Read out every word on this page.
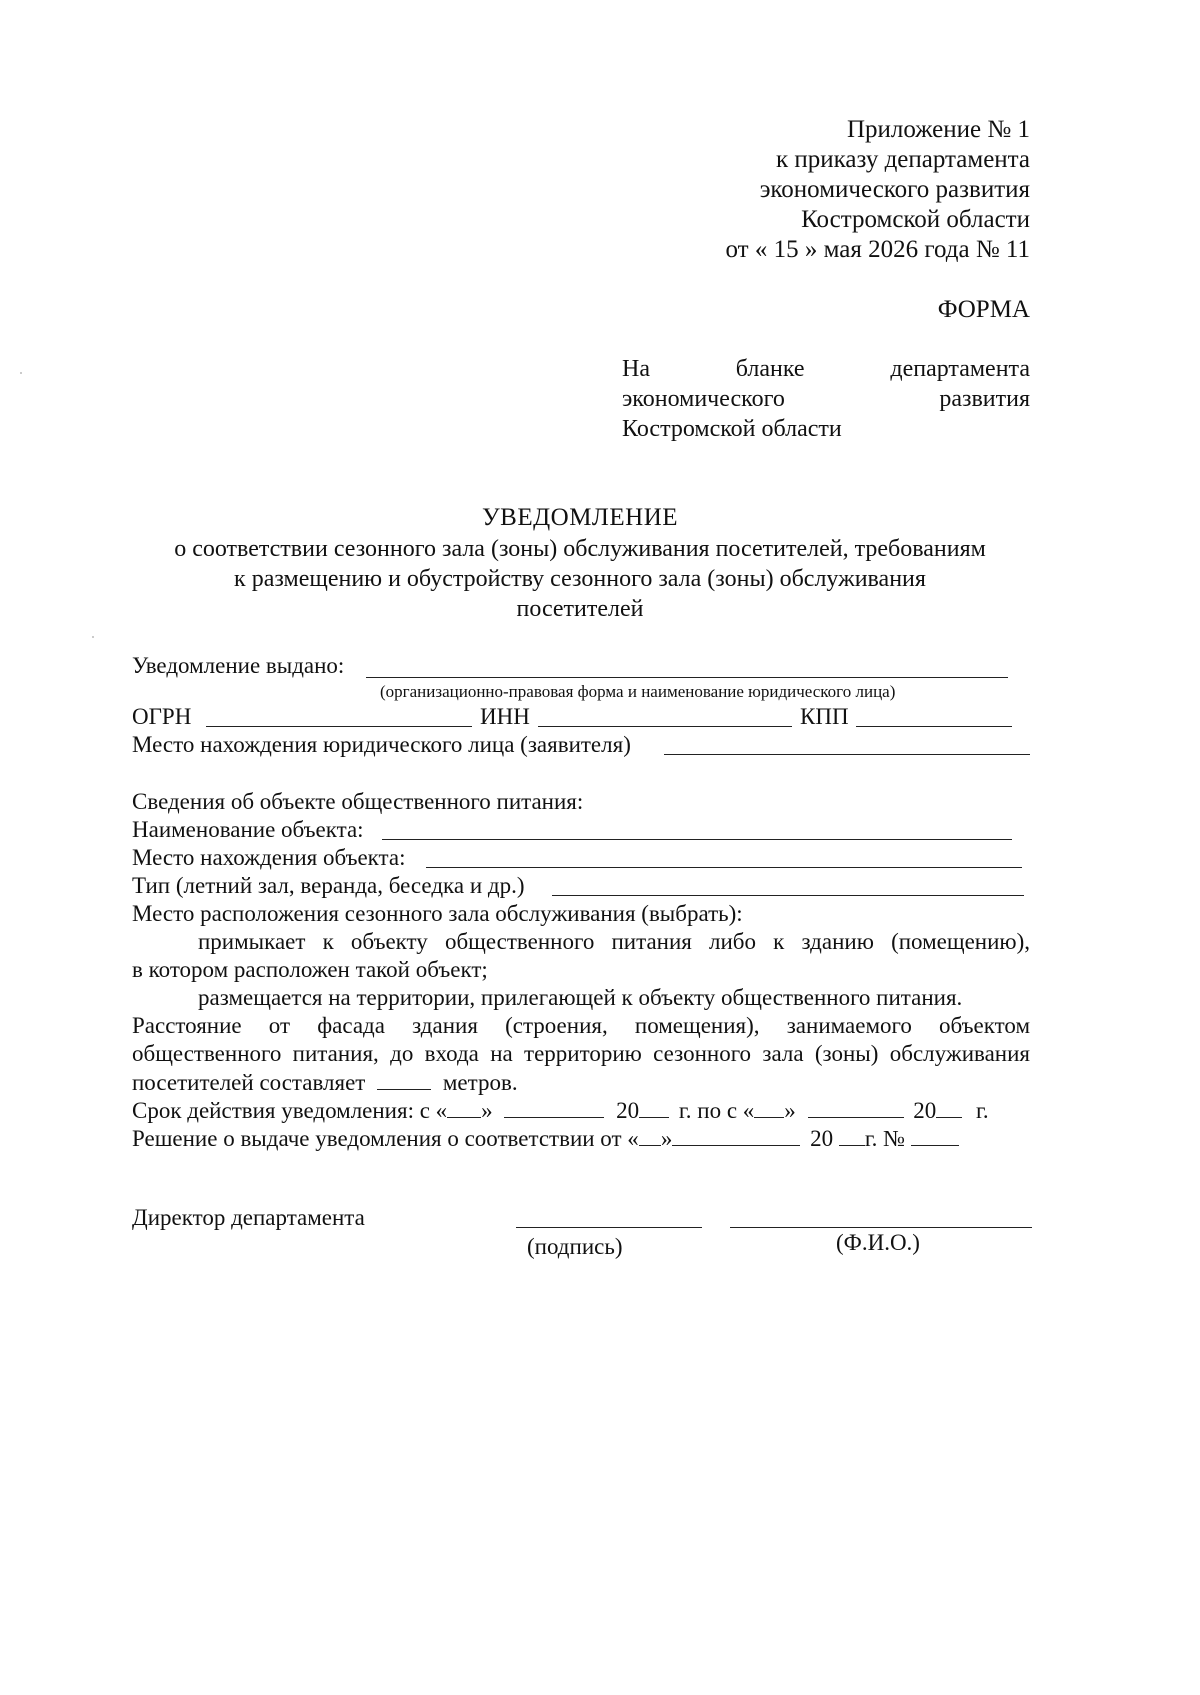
Приложение № 1
к приказу департамента
экономического развития
Костромской области
от « 15 » мая 2026 года № 11
ФОРМА
На	бланке	департамента
экономического	развития
Костромской области
УВЕДОМЛЕНИЕ
о соответствии сезонного зала (зоны) обслуживания посетителей, требованиям
к размещению и обустройству сезонного зала (зоны) обслуживания
посетителей
Уведомление выдано:
(организационно-правовая форма и наименование юридического лица)
ОГРН	ИНН	КПП
Место нахождения юридического лица (заявителя)
Сведения об объекте общественного питания:
Наименование объекта:
Место нахождения объекта:
Тип (летний зал, веранда, беседка и др.)
Место расположения сезонного зала обслуживания (выбрать):
примыкает к объекту общественного питания либо к зданию (помещению),
в котором расположен такой объект;
размещается на территории, прилегающей к объекту общественного питания.
Расстояние от фасада здания (строения, помещения), занимаемого объектом
общественного питания, до входа на территорию сезонного зала (зоны) обслуживания
посетителей составляет	метров.
Срок действия уведомления: с « »	20 г. по с « »	20 г.
Решение о выдаче уведомления о соответствии от « »	20 г. №
Директор департамента
(подпись)	(Ф.И.О.)
